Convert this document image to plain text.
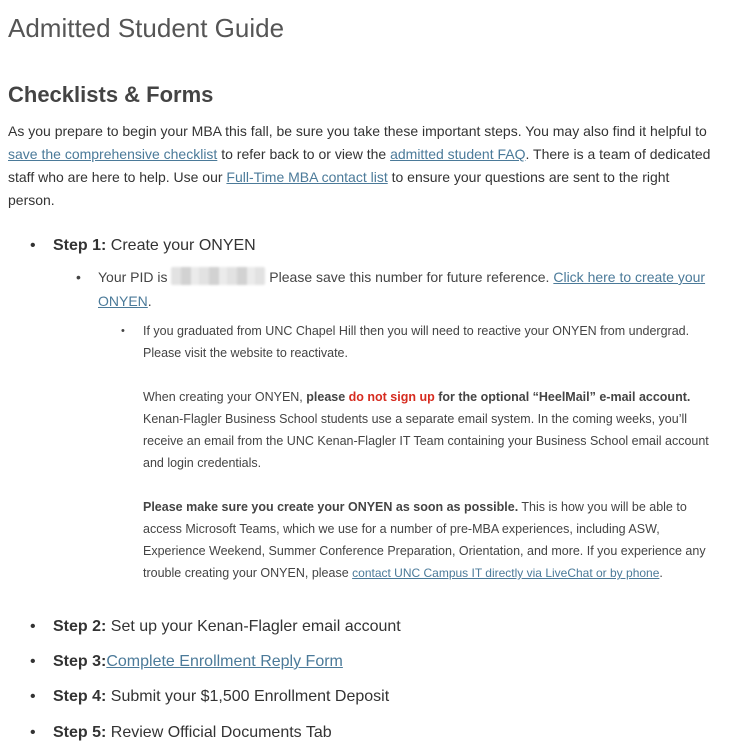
Admitted Student Guide
Checklists & Forms

As you prepare to begin your MBA this fall, be sure you take these important steps. You may also find it helpful to save the comprehensive checklist to refer back to or view the admitted student FAQ. There is a team of dedicated staff who are here to help. Use our Full-Time MBA contact list to ensure your questions are sent to the right person.

• Step 1: Create your ONYEN
•	Your PID is	Please save this number for future reference. Click here to create your ONYEN.
• If you graduated from UNC Chapel Hill then you will need to reactive your ONYEN from undergrad. Please visit the website to reactivate.

When creating your ONYEN, please do not sign up for the optional “HeelMail” e-mail account. Kenan-Flagler Business School students use a separate email system. In the coming weeks, you’ll receive an email from the UNC Kenan-Flagler IT Team containing your Business School email account and login credentials.

Please make sure you create your ONYEN as soon as possible. This is how you will be able to access Microsoft Teams, which we use for a number of pre-MBA experiences, including ASW, Experience Weekend, Summer Conference Preparation, Orientation, and more. If you experience any trouble creating your ONYEN, please contact UNC Campus IT directly via LiveChat or by phone.

• Step 2: Set up your Kenan-Flagler email account
• Step 3:Complete Enrollment Reply Form
• Step 4: Submit your $1,500 Enrollment Deposit
• Step 5: Review Official Documents Tab
